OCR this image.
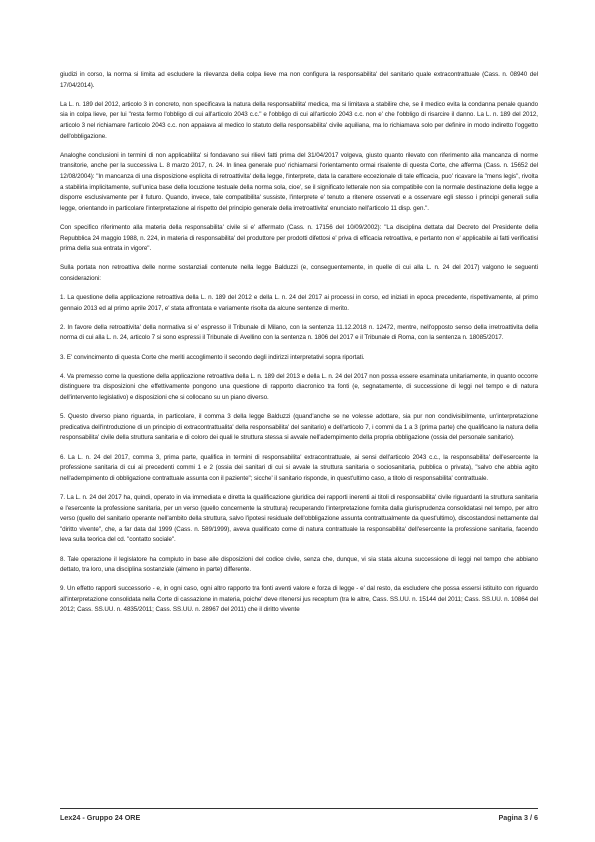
giudizi in corso, la norma si limita ad escludere la rilevanza della colpa lieve ma non configura la responsabilita' del sanitario quale extracontrattuale (Cass. n. 08940 del 17/04/2014).

La L. n. 189 del 2012, articolo 3 in concreto, non specificava la natura della responsabilita' medica, ma si limitava a stabilire che, se il medico evita la condanna penale quando sia in colpa lieve, per lui "resta fermo l'obbligo di cui all'articolo 2043 c.c." e l'obbligo di cui all'articolo 2043 c.c. non e' che l'obbligo di risarcire il danno. La L. n. 189 del 2012, articolo 3 nel richiamare l'articolo 2043 c.c. non appaiava al medico lo statuto della responsabilita' civile aquiliana, ma lo richiamava solo per definire in modo indiretto l'oggetto dell'obbligazione.

Analoghe conclusioni in termini di non applicabilita' si fondavano sui rilievi fatti prima del 31/04/2017 volgeva, giusto quanto rilevato con riferimento alla mancanza di norme transitorie, anche per la successiva L. 8 marzo 2017, n. 24. In linea generale puo' richiamarsi l'orientamento ormai risalente di questa Corte, che afferma (Cass. n. 15652 del 12/08/2004): "In mancanza di una disposizione esplicita di retroattivita' della legge, l'interprete, data la carattere eccezionale di tale efficacia, puo' ricavare la "mens legis", rivolta a stabilirla implicitamente, sull'unica base della locuzione testuale della norma sola, cioe', se il significato letterale non sia compatibile con la normale destinazione della legge a disporre esclusivamente per il futuro. Quando, invece, tale compatibilita' sussiste, l'interprete e' tenuto a ritenere osservati e a osservare egli stesso i principi generali sulla legge, orientando in particolare l'interpretazione al rispetto del principio generale della irretroattivita' enunciato nell'articolo 11 disp. gen.".

Con specifico riferimento alla materia della responsabilita' civile si e' affermato (Cass. n. 17156 del 10/09/2002): "La disciplina dettata dal Decreto del Presidente della Repubblica 24 maggio 1988, n. 224, in materia di responsabilita' del produttore per prodotti difettosi e' priva di efficacia retroattiva, e pertanto non e' applicabile ai fatti verificatisi prima della sua entrata in vigore".

Sulla portata non retroattiva delle norme sostanziali contenute nella legge Balduzzi (e, conseguentemente, in quelle di cui alla L. n. 24 del 2017) valgono le seguenti considerazioni:

1. La questione della applicazione retroattiva della L. n. 189 del 2012 e della L. n. 24 del 2017 ai processi in corso, ed iniziati in epoca precedente, rispettivamente, al primo gennaio 2013 ed al primo aprile 2017, e' stata affrontata e variamente risolta da alcune sentenze di merito.

2. In favore della retroattivita' della normativa si e' espresso il Tribunale di Milano, con la sentenza 11.12.2018 n. 12472, mentre, nell'opposto senso della irretroattivita della norma di cui alla L. n. 24, articolo 7 si sono espressi il Tribunale di Avellino con la sentenza n. 1806 del 2017 e il Tribunale di Roma, con la sentenza n. 18085/2017.

3. E' convincimento di questa Corte che meriti accoglimento il secondo degli indirizzi interpretativi sopra riportati.

4. Va premesso come la questione della applicazione retroattiva della L. n. 189 del 2013 e della L. n. 24 del 2017 non possa essere esaminata unitariamente, in quanto occorre distinguere tra disposizioni che effettivamente pongono una questione di rapporto diacronico tra fonti (e, segnatamente, di successione di leggi nel tempo e di natura dell'intervento legislativo) e disposizioni che si collocano su un piano diverso.

5. Questo diverso piano riguarda, in particolare, il comma 3 della legge Balduzzi (quand'anche se ne volesse adottare, sia pur non condivisibilmente, un'interpretazione predicativa dell'introduzione di un principio di extracontrattualita' della responsabilita' del sanitario) e dell'articolo 7, i commi da 1 a 3 (prima parte) che qualificano la natura della responsabilita' civile della struttura sanitaria e di coloro dei quali le struttura stessa si avvale nell'adempimento della propria obbligazione (ossia del personale sanitario).

6. La L. n. 24 del 2017, comma 3, prima parte, qualifica in termini di responsabilita' extracontrattuale, ai sensi dell'articolo 2043 c.c., la responsabilita' dell'esercente la professione sanitaria di cui ai precedenti commi 1 e 2 (ossia dei sanitari di cui si avvale la struttura sanitaria o sociosanitaria, pubblica o privata), "salvo che abbia agito nell'adempimento di obbligazione contrattuale assunta con il paziente"; sicche' il sanitario risponde, in quest'ultimo caso, a titolo di responsabilita' contrattuale.

7. La L. n. 24 del 2017 ha, quindi, operato in via immediata e diretta la qualificazione giuridica dei rapporti inerenti ai titoli di responsabilita' civile riguardanti la struttura sanitaria e l'esercente la professione sanitaria, per un verso (quello concernente la struttura) recuperando l'interpretazione fornita dalla giurisprudenza consolidatasi nel tempo, per altro verso (quello del sanitario operante nell'ambito della struttura, salvo l'ipotesi residuale dell'obbligazione assunta contrattualmente da quest'ultimo), discostandosi nettamente dal "diritto vivente", che, a far data dal 1999 (Cass. n. 589/1999), aveva qualificato come di natura contrattuale la responsabilita' dell'esercente la professione sanitaria, facendo leva sulla teorica del cd. "contatto sociale".

8. Tale operazione il legislatore ha compiuto in base alle disposizioni del codice civile, senza che, dunque, vi sia stata alcuna successione di leggi nel tempo che abbiano dettato, tra loro, una disciplina sostanziale (almeno in parte) differente.

9. Un effetto rapporti successorio - e, in ogni caso, ogni altro rapporto tra fonti aventi valore e forza di legge - e' dal resto, da escludere che possa essersi istituito con riguardo all'interpretazione consolidata nella Corte di cassazione in materia, poiche' deve ritenersi jus receptum (tra le altre, Cass. SS.UU. n. 15144 del 2011; Cass. SS.UU. n. 10864 del 2012; Cass. SS.UU. n. 4835/2011; Cass. SS.UU. n. 28967 del 2011) che il diritto vivente

Lex24 - Gruppo 24 ORE	Pagina 3 / 6
